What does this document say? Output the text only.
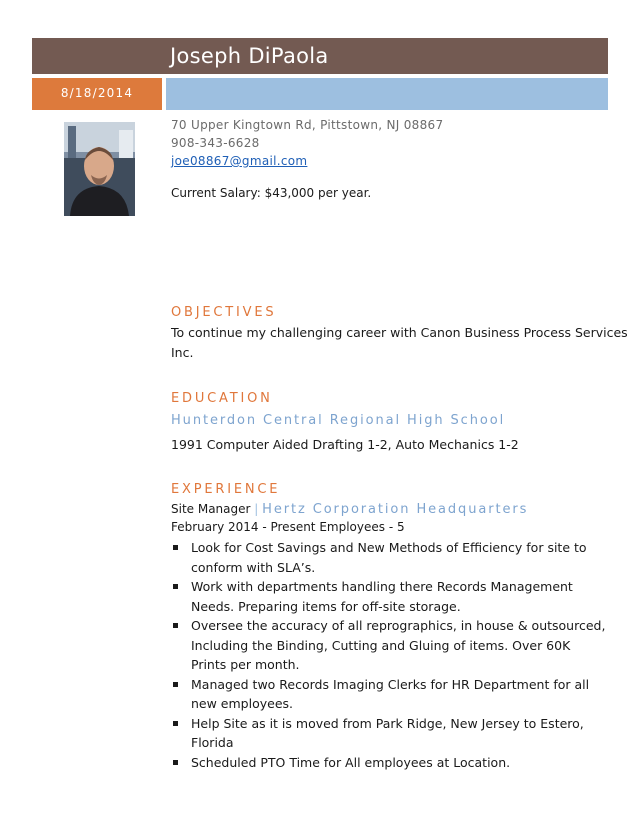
Joseph DiPaola
8/18/2014
70 Upper Kingtown Rd, Pittstown, NJ 08867
908-343-6628
joe08867@gmail.com
Current Salary: $43,000 per year.
OBJECTIVES
To continue my challenging career with Canon Business Process Services
Inc.
EDUCATION
Hunterdon Central Regional High School
1991 Computer Aided Drafting 1-2, Auto Mechanics 1-2
EXPERIENCE
Site Manager | Hertz Corporation Headquarters
February 2014 - Present Employees - 5
Look for Cost Savings and New Methods of Efficiency for site to
conform with SLA’s.
Work with departments handling there Records Management
Needs. Preparing items for off-site storage.
Oversee the accuracy of all reprographics, in house & outsourced,
Including the Binding, Cutting and Gluing of items. Over 60K
Prints per month.
Managed two Records Imaging Clerks for HR Department for all
new employees.
Help Site as it is moved from Park Ridge, New Jersey to Estero,
Florida
Scheduled PTO Time for All employees at Location.
